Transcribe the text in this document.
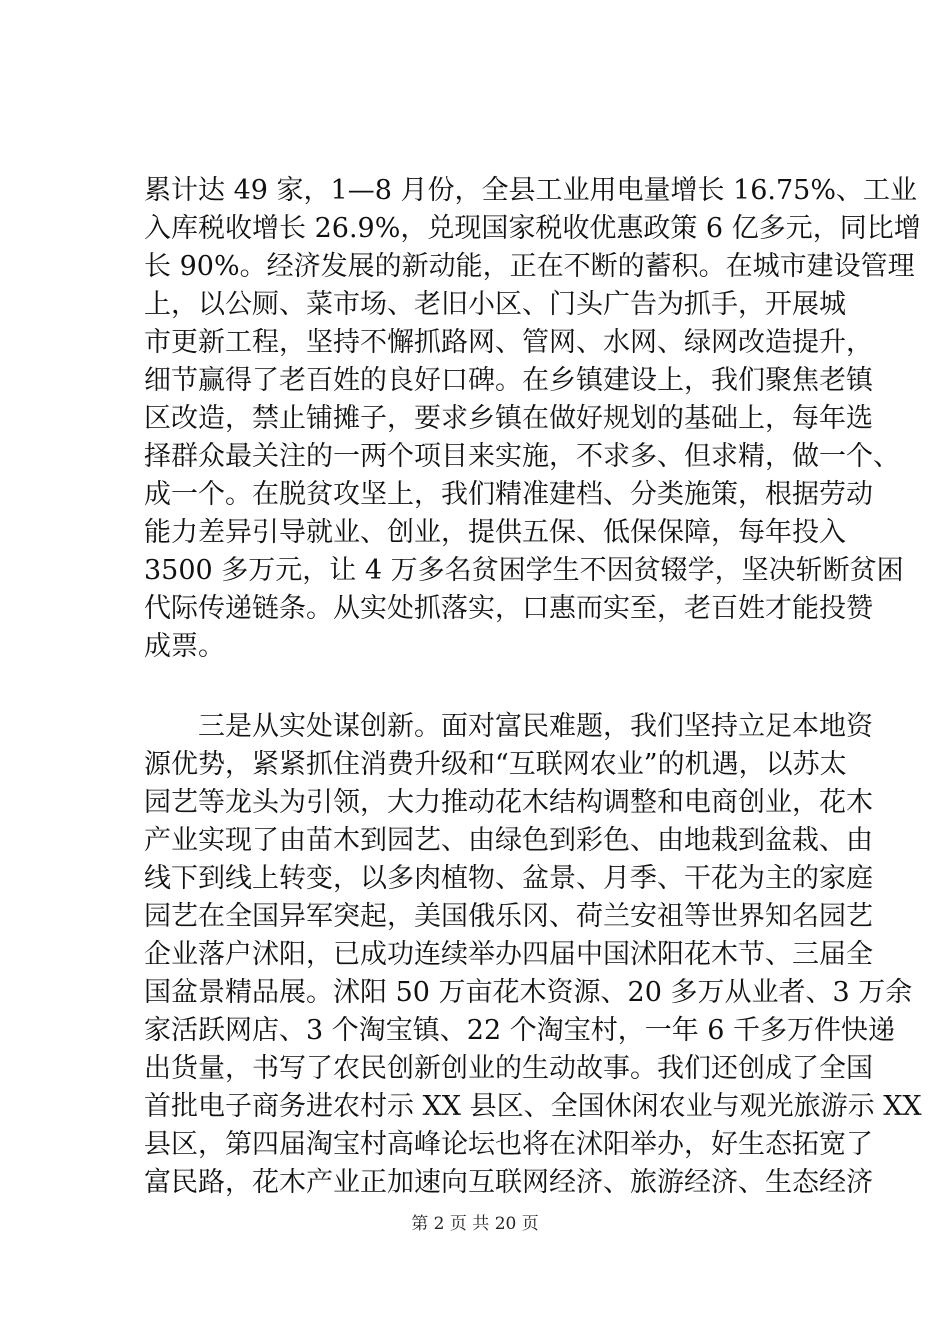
累计达 49 家，1—8 月份，全县工业用电量增长 16.75%、工业
入库税收增长 26.9%，兑现国家税收优惠政策 6 亿多元，同比增
长 90%。经济发展的新动能，正在不断的蓄积。在城市建设管理
上，以公厕、菜市场、老旧小区、门头广告为抓手，开展城
市更新工程，坚持不懈抓路网、管网、水网、绿网改造提升，
细节赢得了老百姓的良好口碑。在乡镇建设上，我们聚焦老镇
区改造，禁止铺摊子，要求乡镇在做好规划的基础上，每年选
择群众最关注的一两个项目来实施，不求多、但求精，做一个、
成一个。在脱贫攻坚上，我们精准建档、分类施策，根据劳动
能力差异引导就业、创业，提供五保、低保保障，每年投入
3500 多万元，让 4 万多名贫困学生不因贫辍学，坚决斩断贫困
代际传递链条。从实处抓落实，口惠而实至，老百姓才能投赞
成票。
三是从实处谋创新。面对富民难题，我们坚持立足本地资
源优势，紧紧抓住消费升级和“互联网农业”的机遇，以苏太
园艺等龙头为引领，大力推动花木结构调整和电商创业，花木
产业实现了由苗木到园艺、由绿色到彩色、由地栽到盆栽、由
线下到线上转变，以多肉植物、盆景、月季、干花为主的家庭
园艺在全国异军突起，美国俄乐冈、荷兰安祖等世界知名园艺
企业落户沭阳，已成功连续举办四届中国沭阳花木节、三届全
国盆景精品展。沭阳 50 万亩花木资源、20 多万从业者、3 万余
家活跃网店、3 个淘宝镇、22 个淘宝村，一年 6 千多万件快递
出货量，书写了农民创新创业的生动故事。我们还创成了全国
首批电子商务进农村示 XX 县区、全国休闲农业与观光旅游示 XX
县区，第四届淘宝村高峰论坛也将在沭阳举办，好生态拓宽了
富民路，花木产业正加速向互联网经济、旅游经济、生态经济
第 2 页 共 20 页
